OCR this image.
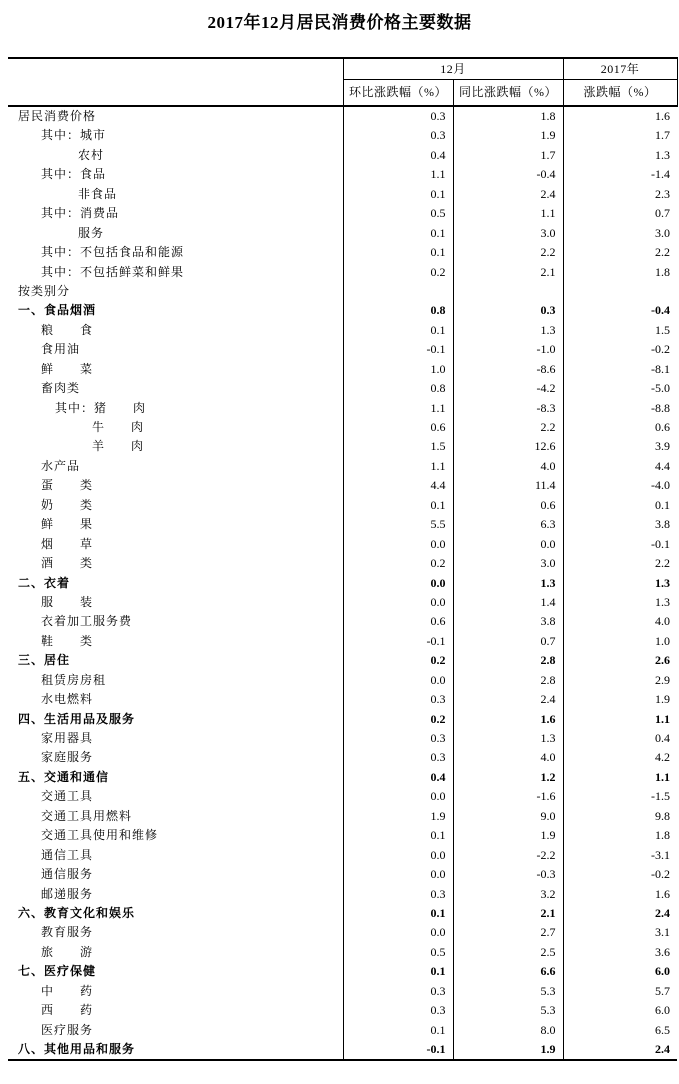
2017年12月居民消费价格主要数据
	12月		2017年
	环比涨跌幅（%）	同比涨跌幅（%）	涨跌幅（%）
居民消费价格	0.3	1.8	1.6
其中：城市	0.3	1.9	1.7
农村	0.4	1.7	1.3
其中：食品	1.1	-0.4	-1.4
非食品	0.1	2.4	2.3
其中：消费品	0.5	1.1	0.7
服务	0.1	3.0	3.0
其中：不包括食品和能源	0.1	2.2	2.2
其中：不包括鲜菜和鲜果	0.2	2.1	1.8
按类别分			
一、食品烟酒	0.8	0.3	-0.4
粮　　食	0.1	1.3	1.5
食用油	-0.1	-1.0	-0.2
鲜　　菜	1.0	-8.6	-8.1
畜肉类	0.8	-4.2	-5.0
其中：猪　　肉	1.1	-8.3	-8.8
牛　　肉	0.6	2.2	0.6
羊　　肉	1.5	12.6	3.9
水产品	1.1	4.0	4.4
蛋　　类	4.4	11.4	-4.0
奶　　类	0.1	0.6	0.1
鲜　　果	5.5	6.3	3.8
烟　　草	0.0	0.0	-0.1
酒　　类	0.2	3.0	2.2
二、衣着	0.0	1.3	1.3
服　　装	0.0	1.4	1.3
衣着加工服务费	0.6	3.8	4.0
鞋　　类	-0.1	0.7	1.0
三、居住	0.2	2.8	2.6
租赁房房租	0.0	2.8	2.9
水电燃料	0.3	2.4	1.9
四、生活用品及服务	0.2	1.6	1.1
家用器具	0.3	1.3	0.4
家庭服务	0.3	4.0	4.2
五、交通和通信	0.4	1.2	1.1
交通工具	0.0	-1.6	-1.5
交通工具用燃料	1.9	9.0	9.8
交通工具使用和维修	0.1	1.9	1.8
通信工具	0.0	-2.2	-3.1
通信服务	0.0	-0.3	-0.2
邮递服务	0.3	3.2	1.6
六、教育文化和娱乐	0.1	2.1	2.4
教育服务	0.0	2.7	3.1
旅　　游	0.5	2.5	3.6
七、医疗保健	0.1	6.6	6.0
中　　药	0.3	5.3	5.7
西　　药	0.3	5.3	6.0
医疗服务	0.1	8.0	6.5
八、其他用品和服务	-0.1	1.9	2.4
